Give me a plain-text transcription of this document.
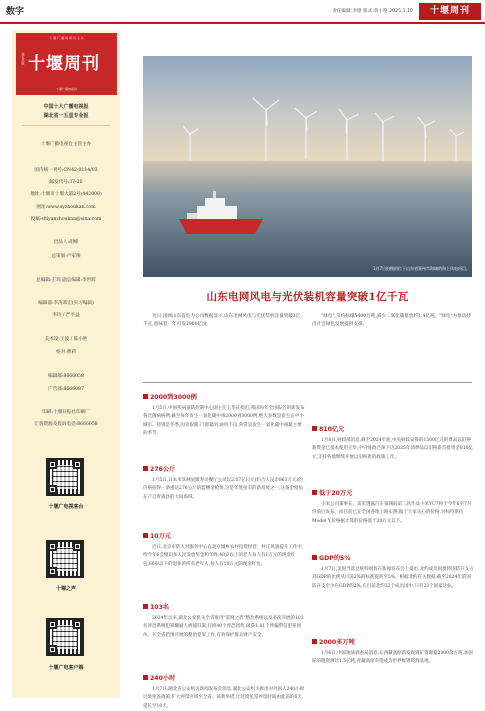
数字	责任编辑:李德 版式:蒋小艳 2025.1.10	十堰周刊
十 堰 广 播 电 视 台 主 办
周五出版 十堰周刊
十堰广播电视台
中国十大广播电视报
湖北省一五星专业报
十堰广播电视台主管主办
国内统一刊号:CN42-0114/03
邮发代号:37-20
地址:十堰市十堰大道2号(442000)
网址:www.syzhoukan.com
投稿:shiyanzhoukan@sina.com
出品人:胡峰
总策划:卢家俊
总编辑:王玮 副总编辑:李世辉
编辑部:李涛邓宏(实习编辑)
李玲 / 严平益
美术设:王波 / 陈小艳
校对:曹莉
编辑部:8666058
广告部:8666087
印刷:十堰日报社印刷厂
汇客资源及投诉电话:8666058
十堰广电视客台
十堰之声
十堰广电客户端
1月7日拍摄的位于山东省莱州市海域的海上风电项目。
山东电网风电与光伏装机容量突破1亿千瓦
近日,国网山东省电力公司数据显示,山东电网风电与光伏装机容量突破1亿千瓦,意味着一年可发1900亿度
"绿电",节约标煤5400万吨,减少二氧化碳排放约1.4亿吨。"绿电"为推动经济社会绿色发展提供支撑。
2000到3000例

1月5日,中国疾病预防控制中心副主任王华庆指出,我国每年全国报告的新发布鲁氏菌病病例,截至每年发生一氧化碳中毒2000到3000例,绝大多数是发生在中小城市。特别是冬季,因为取暖,门窗紧闭,通风不良,常常是发生一氧化碳中毒最主要的季节。

276公斤

1月5日,日本米其林星级寿司餐厅公司以2.07亿日元(约合人民币963万元)的价格拍得一条重达276公斤的蓝鳍金枪鱼,这是年度拍卖的新高度之一,这条金枪鱼在产自青森县的大间海域。

10万元

近日,北京市防人对服务中心在北京城乡农村投资经营、村庄风貌提升工作中,给今年6会相识多人民发放奖金和年终,40岁以上的老人每人有1万元的现金红包,60岁以下的退休的所有老年人,每人有10万元的现金红包。

103名

2024年以来,湖北公安机关全省推进"雷网之盾"整治系统以及多次开展的103名涉恐系统犯罪嫌疑人被捕归案,打掉40个涉恐团伙,破获1.81个涉骗帮信犯罪团伙。在全省范围开展的整治犯罪工作,有效保护群众财产安全。

240小时

1月7日,湖北省公安机关新闻发布会消息,湖北公安机关推出对外国人240小时过境免签政策,扩大停留区域至全省。该新举措,让过境免签停留时间由此前的6天延长至10天。

810亿元

1月8日,财政部消息,截至2024年底,中央财政安排的1500亿元的费品以旧换新资金已基本使用完毕,中央财政已预下达2025年消费品以旧换新首批资金810亿元,支持各地继续开展以旧换新的政策工作。

低于20万元

小米公司董事长、雷军透露汽车领域的第二款作品小米YU7将于今年6至7月份前后发布。而目前已在全国各地上路实测,据于大家关心的价格,对标特斯拉Model Y,价格据计算的价格低于20万元以下。

GDP的5%

1月7日,美国当选总统特朗普在新闻发布会上提出,北约成员国要将国防开支占其GDP的比例从目前2%的标准提高至5%。根据北约有关数据,截至2024年的国防开支至少在GDP的2%,在目前北约32个成员国中,只有23个国家达标。

2000多万吨

1月6日,中国地质调查局消息,在西藏高原新发现锂矿资源量2000余万吨,加国际的锂资源达1.5亿吨,青藏高原有望成为世界级锂资源基地。
